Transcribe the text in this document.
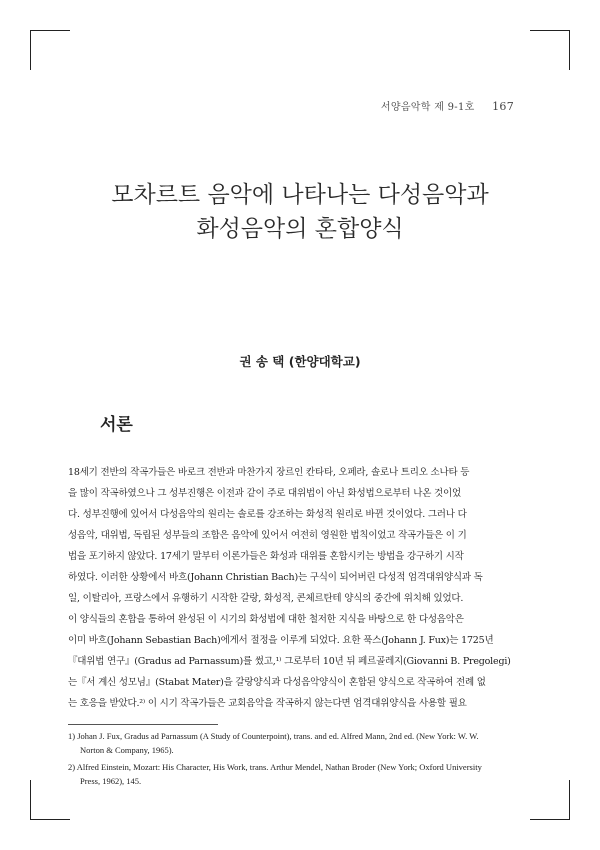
서양음악학 제 9-1호 167
모차르트 음악에 나타나는 다성음악과
화성음악의 혼합양식
권 송 택 (한양대학교)
서론
18세기 전반의 작곡가들은 바로크 전반과 마찬가지 장르인 칸타타, 오페라, 솔로나 트리오 소나타 등
을 많이 작곡하였으나 그 성부진행은 이전과 같이 주로 대위법이 아닌 화성법으로부터 나온 것이었
다. 성부진행에 있어서 다성음악의 원리는 솔로를 강조하는 화성적 원리로 바뀐 것이었다. 그러나 다
성음악, 대위법, 독립된 성부들의 조합은 음악에 있어서 여전히 영원한 법칙이었고 작곡가들은 이 기
법을 포기하지 않았다. 17세기 말부터 이론가들은 화성과 대위를 혼합시키는 방법을 강구하기 시작
하였다. 이러한 상황에서 바흐(Johann Christian Bach)는 구식이 되어버린 다성적 엄격대위양식과 독
일, 이탈리아, 프랑스에서 유행하기 시작한 갈랑, 화성적, 콘체르탄테 양식의 중간에 위치해 있었다.
이 양식들의 혼합을 통하여 완성된 이 시기의 화성법에 대한 철저한 지식을 바탕으로 한 다성음악은
이미 바흐(Johann Sebastian Bach)에게서 절정을 이루게 되었다. 요한 푹스(Johann J. Fux)는 1725년
『대위법 연구』(Gradus ad Parnassum)를 썼고,¹⁾ 그로부터 10년 뒤 페르골레지(Giovanni B. Pregolegi)
는『서 계신 성모님』(Stabat Mater)을 갈랑양식과 다성음악양식이 혼합된 양식으로 작곡하여 전례 없
는 호응을 받았다.²⁾ 이 시기 작곡가들은 교회음악을 작곡하지 않는다면 엄격대위양식을 사용할 필요
1) Johan J. Fux, Gradus ad Parnassum (A Study of Counterpoint), trans. and ed. Alfred Mann, 2nd ed. (New York: W. W.
Norton & Company, 1965).
2) Alfred Einstein, Mozart: His Character, His Work, trans. Arthur Mendel, Nathan Broder (New York; Oxford University
Press, 1962), 145.
